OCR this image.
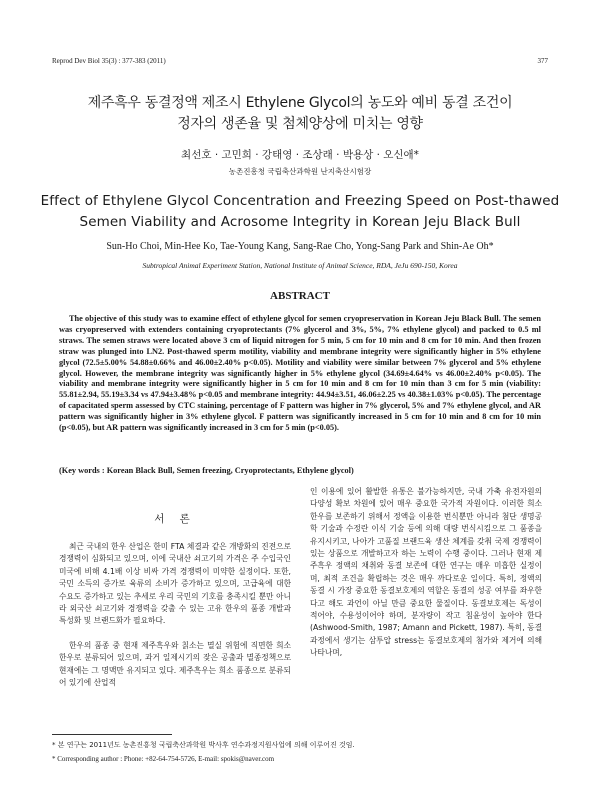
Reprod Dev Biol 35(3) : 377-383 (2011)	377
제주흑우 동결정액 제조시 Ethylene Glycol의 농도와 예비 동결 조건이
정자의 생존율 및 첨체양상에 미치는 영향
최선호 · 고민희 · 강태영 · 조상래 · 박용상 · 오신애*
농촌진흥청 국립축산과학원 난지축산시험장
Effect of Ethylene Glycol Concentration and Freezing Speed on Post-thawed
Semen Viability and Acrosome Integrity in Korean Jeju Black Bull
Sun-Ho Choi, Min-Hee Ko, Tae-Young Kang, Sang-Rae Cho, Yong-Sang Park and Shin-Ae Oh*
Subtropical Animal Experiment Station, National Institute of Animal Science, RDA, JeJu 690-150, Korea
ABSTRACT
The objective of this study was to examine effect of ethylene glycol for semen cryopreservation in Korean Jeju Black Bull. The semen was cryopreserved with extenders containing cryoprotectants (7% glycerol and 3%, 5%, 7% ethylene glycol) and packed to 0.5 ml straws. The semen straws were located above 3 cm of liquid nitrogen for 5 min, 5 cm for 10 min and 8 cm for 10 min. And then frozen straw was plunged into LN2. Post-thawed sperm motility, viability and membrane integrity were significantly higher in 5% ethylene glycol (72.5±5.00% 54.88±0.66% and 46.00±2.40% p<0.05). Motility and viability were similar between 7% glycerol and 5% ethylene glycol. However, the membrane integrity was significantly higher in 5% ethylene glycol (34.69±4.64% vs 46.00±2.40% p<0.05). The viability and membrane integrity were significantly higher in 5 cm for 10 min and 8 cm for 10 min than 3 cm for 5 min (viability: 55.81±2.94, 55.19±3.34 vs 47.94±3.48% p<0.05 and membrane integrity: 44.94±3.51, 46.06±2.25 vs 40.38±1.03% p<0.05). The percentage of capacitated sperm assessed by CTC staining, percentage of F pattern was higher in 7% glycerol, 5% and 7% ethylene glycol, and AR pattern was significantly higher in 3% ethylene glycol. F pattern was significantly increased in 5 cm for 10 min and 8 cm for 10 min (p<0.05), but AR pattern was significantly increased in 3 cm for 5 min (p<0.05).
(Key words : Korean Black Bull, Semen freezing, Cryoprotectants, Ethylene glycol)
서 론

최근 국내의 한우 산업은 한미 FTA 체결과 같은 개방화의 진전으로 경쟁력이 심화되고 있으며, 이에 국내산 쇠고기의 가격은 주 수입국인 미국에 비해 4.1배 이상 비싸 가격 경쟁력이 미약한 실정이다. 또한, 국민 소득의 증가로 육류의 소비가 증가하고 있으며, 고급육에 대한 수요도 증가하고 있는 추세로 우리 국민의 기호를 충족시킬 뿐만 아니라 외국산 쇠고기와 경쟁력을 갖출 수 있는 고유 한우의 품종 개발과 특성화 및 브랜드화가 필요하다.

한우의 품종 중 현재 제주흑우와 칡소는 멸실 위험에 직면한 희소 한우로 분류되어 있으며, 과거 일제시기의 잦은 공출과 멸종정책으로 현재에는 그 명맥만 유지되고 있다. 제주흑우는 희소 품종으로 분류되어 있기에 산업적

인 이용에 있어 활발한 유통은 불가능하지만, 국내 가축 유전자원의 다양성 확보 차원에 있어 매우 중요한 국가적 자원이다. 이러한 희소 한우를 보존하기 위해서 정액을 이용한 번식뿐만 아니라 첨단 생명공학 기술과 수정란 이식 기술 등에 의해 대량 번식시킴으로 그 품종을 유지시키고, 나아가 고품질 브랜드육 생산 체계를 갖춰 국제 경쟁력이 있는 상품으로 개발하고자 하는 노력이 수행 중이다. 그러나 현재 제주흑우 정액의 채취와 동결 보존에 대한 연구는 매우 미흡한 실정이며, 최적 조건을 확립하는 것은 매우 까다로운 일이다. 특히, 정액의 동결 시 가장 중요한 동결보호제의 역할은 동결의 성공 여부를 좌우한다고 해도 과언이 아닐 만큼 중요한 물질이다. 동결보호제는 독성이 적어야, 수용성이어야 하며, 분자량이 작고 침윤성이 높아야 한다(Ashwood-Smith, 1987; Amann and Pickett, 1987). 특히, 동결 과정에서 생기는 삼투압 stress는 동결보호제의 첨가와 제거에 의해 나타나며,

* 본 연구는 2011년도 농촌진흥청 국립축산과학원 박사후 연수과정지원사업에 의해 이루어진 것임.
* Corresponding author : Phone: +82-64-754-5726, E-mail: spokis@naver.com
